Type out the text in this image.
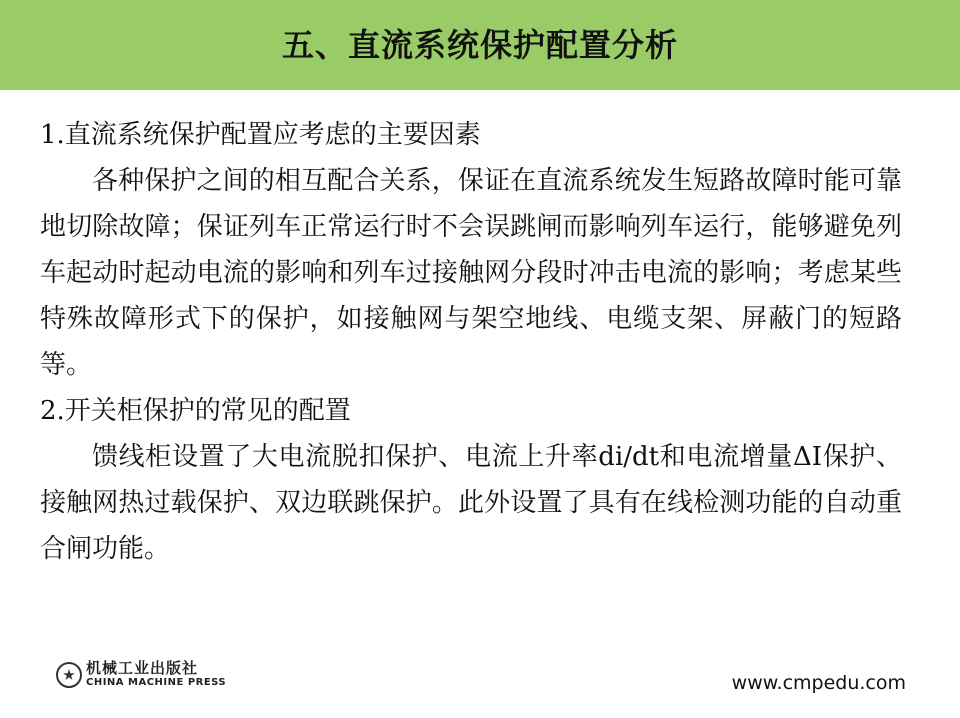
五、直流系统保护配置分析

1.直流系统保护配置应考虑的主要因素

各种保护之间的相互配合关系，保证在直流系统发生短路故障时能可靠地切除故障；保证列车正常运行时不会误跳闸而影响列车运行，能够避免列车起动时起动电流的影响和列车过接触网分段时冲击电流的影响；考虑某些特殊故障形式下的保护，如接触网与架空地线、电缆支架、屏蔽门的短路等。

2.开关柜保护的常见的配置

馈线柜设置了大电流脱扣保护、电流上升率di/dt和电流增量ΔI保护、接触网热过载保护、双边联跳保护。此外设置了具有在线检测功能的自动重合闸功能。

机械工业出版社
CHINA MACHINE PRESS	www.cmpedu.com
